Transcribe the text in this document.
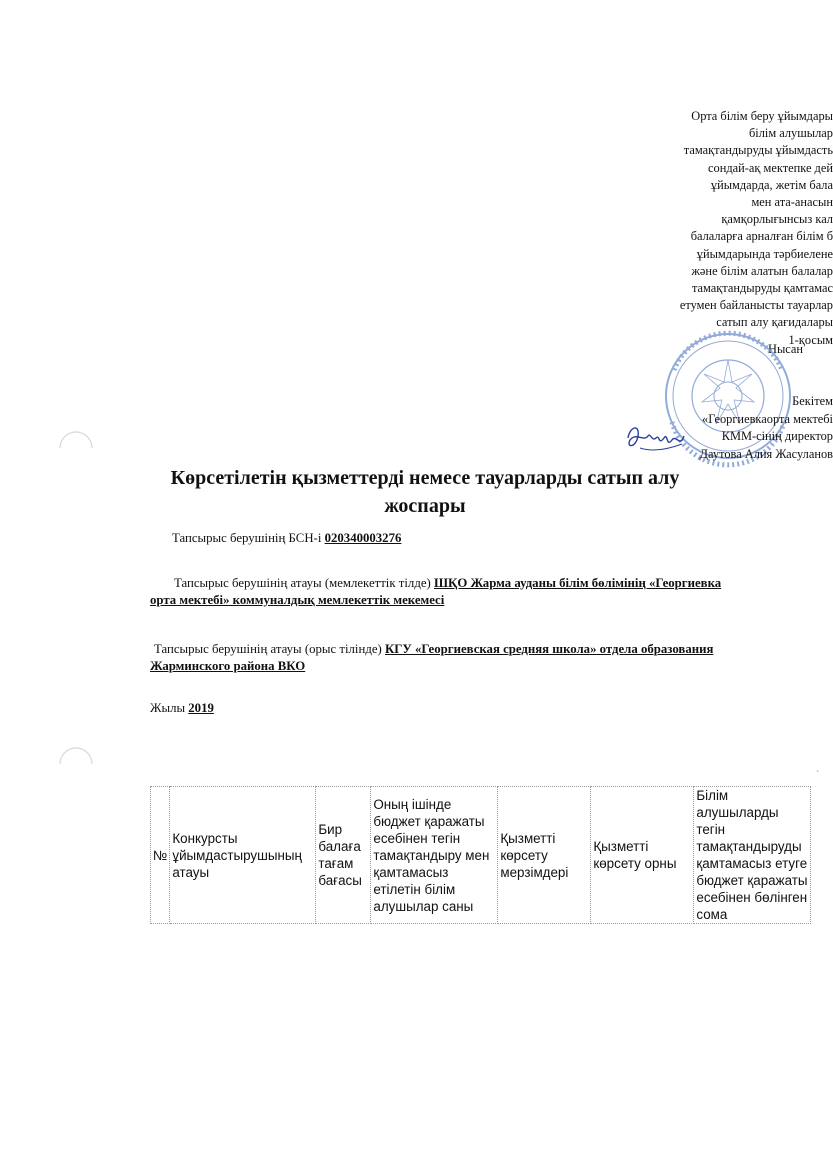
Орта білім беру ұйымдары
білім алушылар
тамақтандыруды ұйымдасть
сондай-ақ мектепке дей
ұйымдарда, жетім бала
мен ата-анасын
қамқорлығынсыз кал
балаларға арналған білім б
ұйымдарында тәрбиелене
және білім алатын балалар
тамақтандыруды қамтамас
етумен байланысты тауарлар
сатып алу қағидалары
1-қосым
Нысан
Бекітем
«Георгиевкаорта мектебі
КММ-сінің директор
Даутова Алия Жасуланов
Көрсетілетін қызметтерді немесе тауарларды сатып алу жоспары
Тапсырыс берушінің БСН-і 020340003276
Тапсырыс берушінің атауы (мемлекеттік тілде) ШҚО Жарма ауданы білім бөлімінің «Георгиевка орта мектебі» коммуналдық мемлекеттік мекемесі
Тапсырыс берушінің атауы (орыс тілінде) КГУ «Георгиевская средняя школа» отдела образования Жарминского района ВКО
Жылы 2019
`
№	Конкурсты ұйымдастырушының атауы	Бир балаға тағам бағасы	Оның ішінде бюджет қаражаты есебінен тегін тамақтандыру мен қамтамасыз етілетін білім алушылар саны	Қызметті көрсету мерзімдері	Қызметті көрсету орны	Білім алушыларды тегін тамақтандыруды қамтамасыз етуге бюджет қаражаты есебінен бөлінген сома
